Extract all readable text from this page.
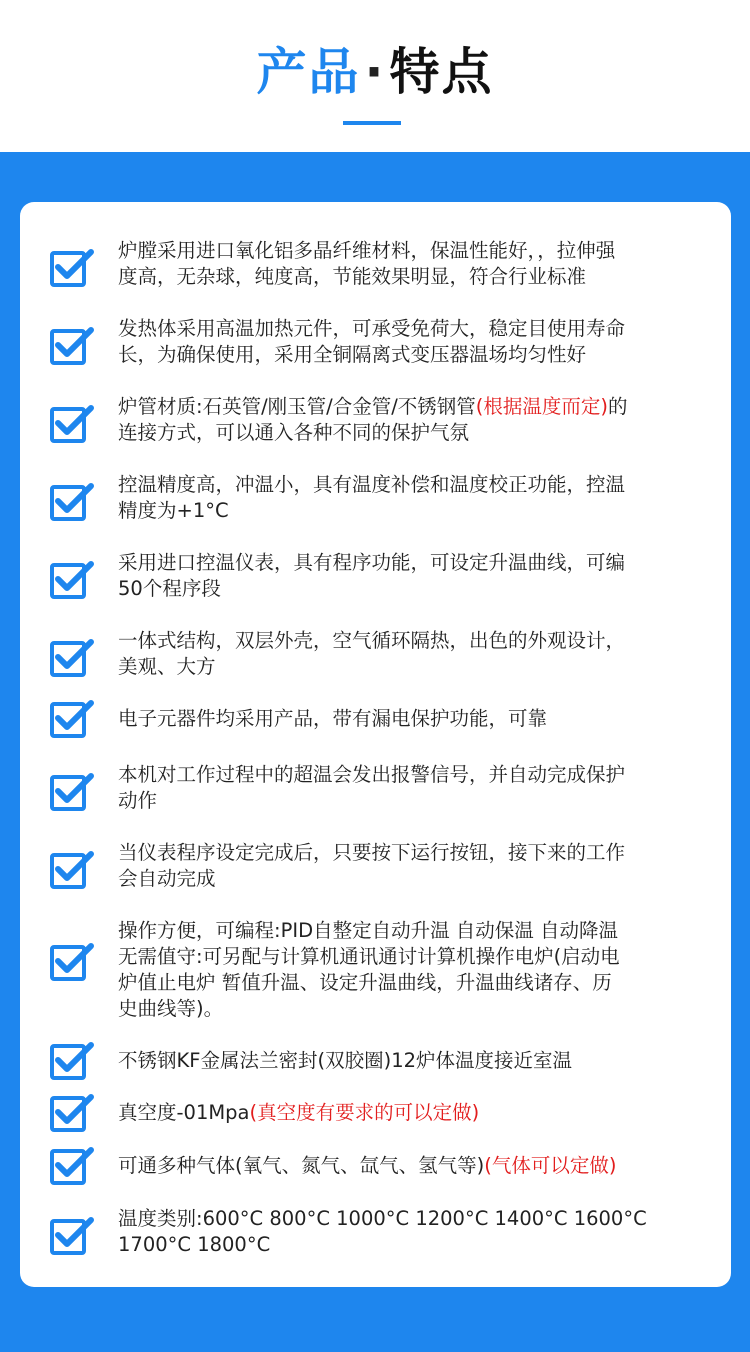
产品·特点
炉膛采用进口氧化铝多晶纤维材料，保温性能好，，拉伸强
度高，无杂球，纯度高，节能效果明显，符合行业标准
发热体采用高温加热元件，可承受免荷大，稳定目使用寿命
长，为确保使用，采用全铜隔离式变压器温场均匀性好
炉管材质:石英管/刚玉管/合金管/不锈钢管(根据温度而定)的
连接方式，可以通入各种不同的保护气氛
控温精度高，冲温小，具有温度补偿和温度校正功能，控温
精度为+1°C
采用进口控温仪表，具有程序功能，可设定升温曲线，可编
50个程序段
一体式结构，双层外壳，空气循环隔热，出色的外观设计，
美观、大方
电子元器件均采用产品，带有漏电保护功能，可靠
本机对工作过程中的超温会发出报警信号，并自动完成保护
动作
当仪表程序设定完成后，只要按下运行按钮，接下来的工作
会自动完成
操作方便，可编程:PID自整定自动升温 自动保温 自动降温
无需值守:可另配与计算机通讯通讨计算机操作电炉(启动电
炉值止电炉 暂值升温、设定升温曲线，升温曲线诸存、历
史曲线等)。
不锈钢KF金属法兰密封(双胶圈)12炉体温度接近室温
真空度-01Mpa(真空度有要求的可以定做)
可通多种气体(氧气、氮气、氙气、氢气等)(气体可以定做)
温度类别:600°C 800°C 1000°C 1200°C 1400°C 1600°C
1700°C 1800°C
